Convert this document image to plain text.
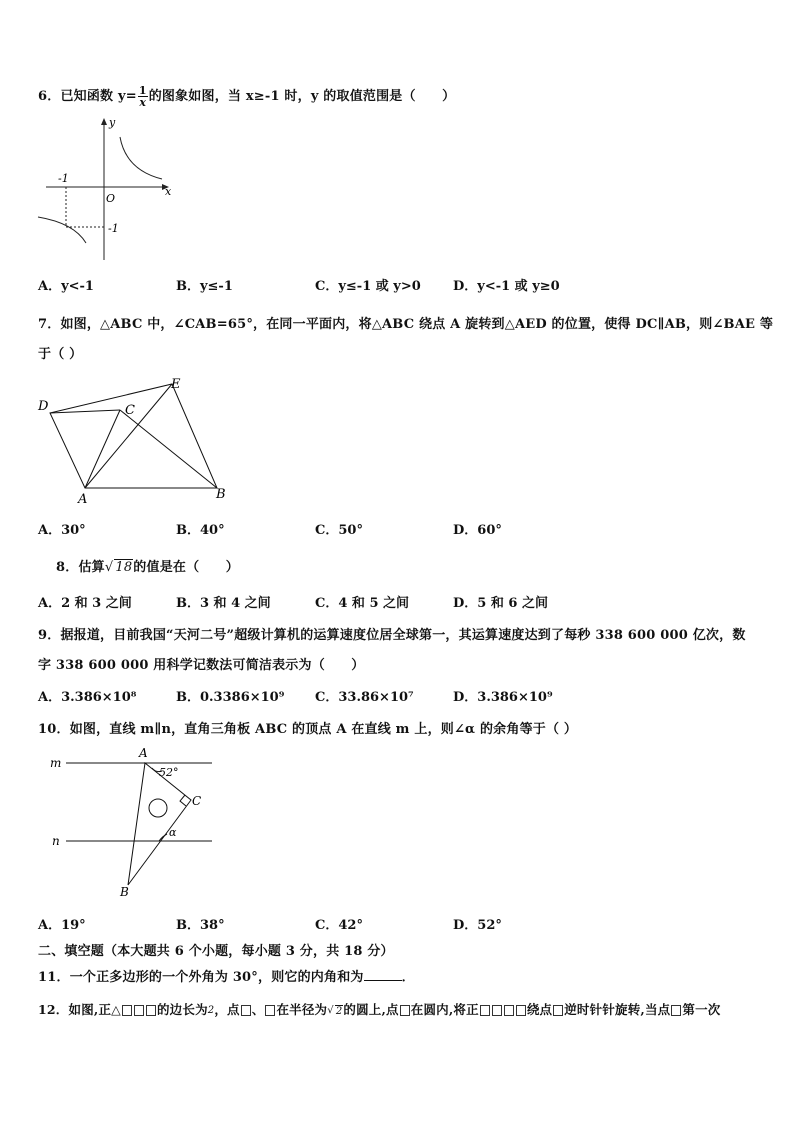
6．已知函数 $y= \frac{1}{x}$ 的图象如图，当 x≥-1 时，y 的取值范围是（　　）
y
x
O
-1
-1
A．y<-1	B．y≤-1	C．y≤-1 或 y>0 D．y<-1 或 y≥0
7．如图，△ABC 中，∠CAB=65°，在同一平面内，将△ABC 绕点 A 旋转到△AED 的位置，使得 DC∥AB，则∠BAE 等
于（ ）
D	C
E
A	B
A．30°	B．40°	C．50°	D．60°
8．估算√ 18的值是在（　　）
A．2 和 3 之间	B．3 和 4 之间	C．4 和 5 之间	D．5 和 6 之间
9．据报道，目前我国“天河二号”超级计算机的运算速度位居全球第一，其运算速度达到了每秒 338 600 000 亿次，数
字 338 600 000 用科学记数法可简洁表示为（　　）
A．3.386×10⁸	B．0.3386×10⁹ C．33.86×10⁷	D．3.386×10⁹
10．如图，直线 m∥n，直角三角板 ABC 的顶点 A 在直线 m 上，则∠α 的余角等于（ ）
m
n
A
B
C
52°
α
A．19°	B．38°	C．42°	D．52°
二、填空题（本大题共 6 个小题，每小题 3 分，共 18 分）
11．一个正多边形的一个外角为 30°，则它的内角和为	．
12．如图,正△	的边长为2，点 、 在半径为√ 2的圆上,点 在圆内,将正	绕点 逆时针针旋转,当点 第一次
